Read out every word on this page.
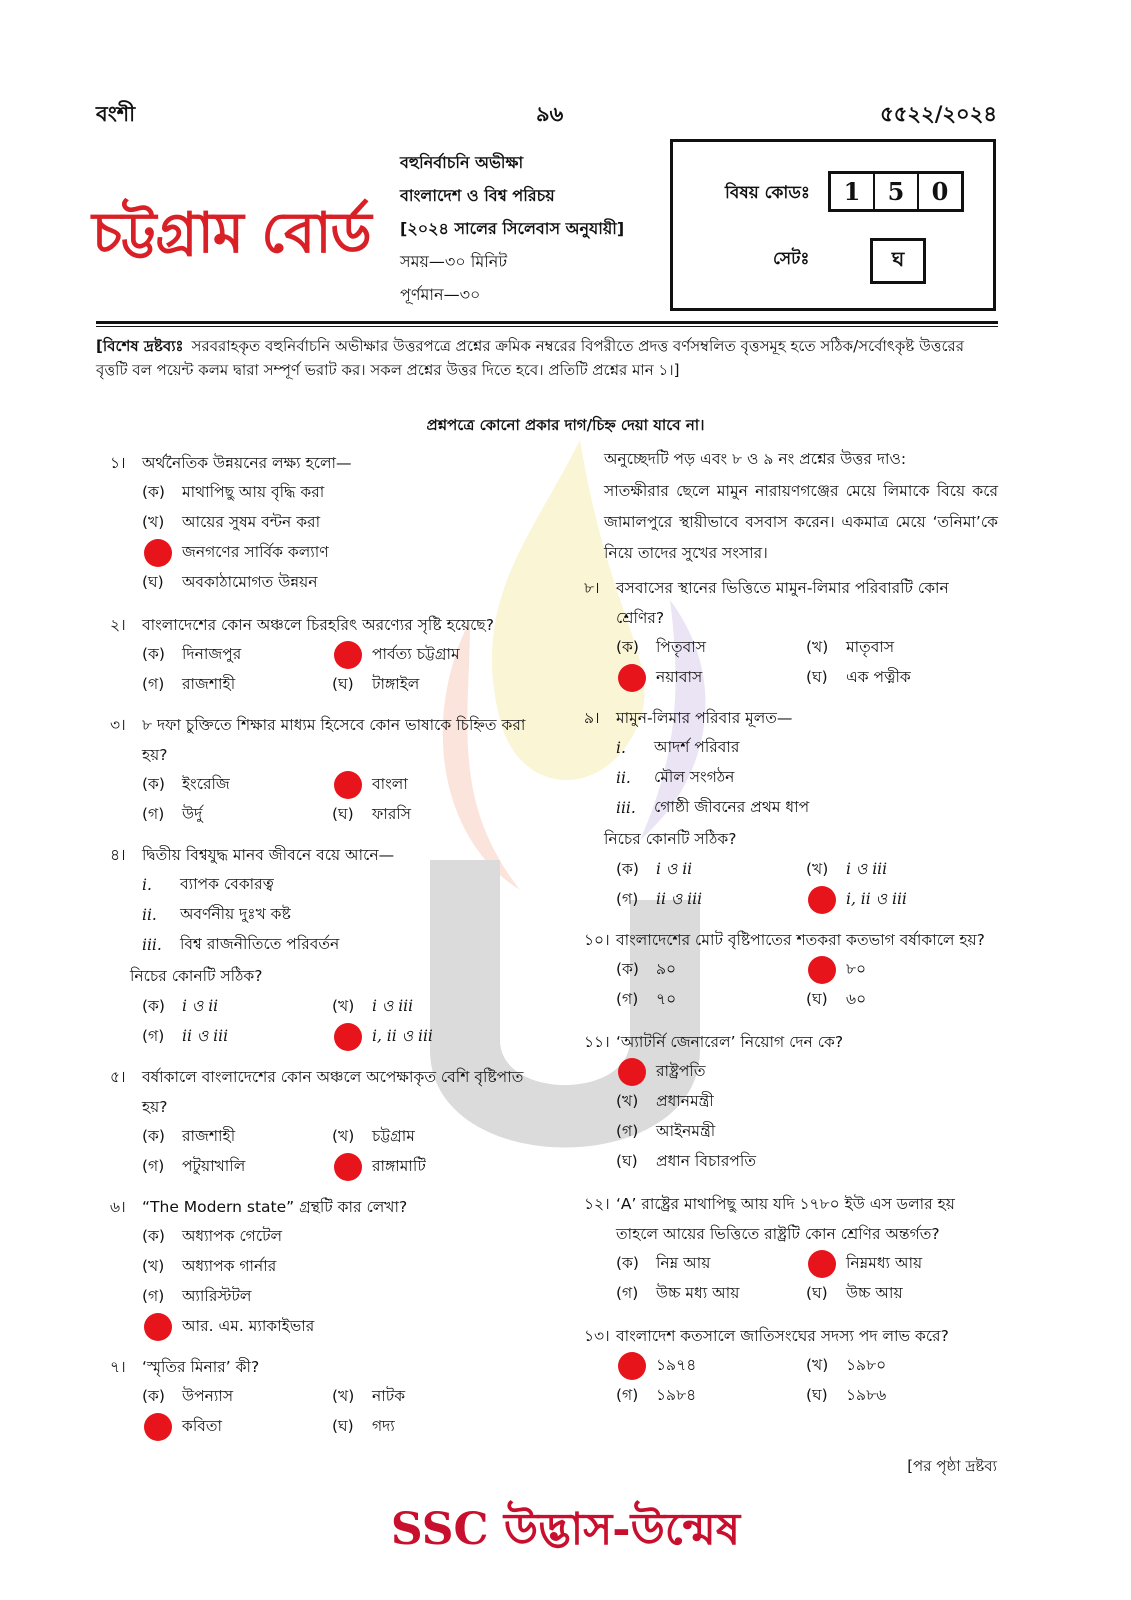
বংশী	৯৬	৫৫২২/২০২৪
চট্টগ্রাম বোর্ড
বহুনির্বাচনি অভীক্ষা
বাংলাদেশ ও বিশ্ব পরিচয়
[২০২৪ সালের সিলেবাস অনুযায়ী]
সময়—৩০ মিনিট
পূর্ণমান—৩০
বিষয় কোডঃ	1	5	0
সেটঃ	ঘ
[বিশেষ দ্রষ্টব্যঃ সরবরাহকৃত বহুনির্বাচনি অভীক্ষার উত্তরপত্রে প্রশ্নের ক্রমিক নম্বরের বিপরীতে প্রদত্ত বর্ণসম্বলিত বৃত্তসমূহ হতে সঠিক/সর্বোৎকৃষ্ট উত্তরের বৃত্তটি বল পয়েন্ট কলম দ্বারা সম্পূর্ণ ভরাট কর। সকল প্রশ্নের উত্তর দিতে হবে। প্রতিটি প্রশ্নের মান ১।]
প্রশ্নপত্রে কোনো প্রকার দাগ/চিহ্ন দেয়া যাবে না।
১।	অর্থনৈতিক উন্নয়নের লক্ষ্য হলো—
(ক)	মাথাপিছু আয় বৃদ্ধি করা
(খ)	আয়ের সুষম বন্টন করা
জনগণের সার্বিক কল্যাণ
(ঘ)	অবকাঠামোগত উন্নয়ন
২।	বাংলাদেশের কোন অঞ্চলে চিরহরিৎ অরণ্যের সৃষ্টি হয়েছে?
(ক)	দিনাজপুর	পার্বত্য চট্টগ্রাম
(গ)	রাজশাহী	(ঘ)	টাঙ্গাইল
৩।	৮ দফা চুক্তিতে শিক্ষার মাধ্যম হিসেবে কোন ভাষাকে চিহ্নিত করা হয়?
(ক)	ইংরেজি	বাংলা
(গ)	উর্দু	(ঘ)	ফারসি
৪।	দ্বিতীয় বিশ্বযুদ্ধ মানব জীবনে বয়ে আনে—
i.	ব্যাপক বেকারত্ব
ii.	অবর্ণনীয় দুঃখ কষ্ট
iii.	বিশ্ব রাজনীতিতে পরিবর্তন
নিচের কোনটি সঠিক?
(ক)	i ও ii	(খ)	i ও iii
(গ)	ii ও iii	i, ii ও iii
৫।	বর্ষাকালে বাংলাদেশের কোন অঞ্চলে অপেক্ষাকৃত বেশি বৃষ্টিপাত হয়?
(ক)	রাজশাহী	(খ)	চট্টগ্রাম
(গ)	পটুয়াখালি	রাঙ্গামাটি
৬।	“The Modern state” গ্রন্থটি কার লেখা?
(ক)	অধ্যাপক গেটেল
(খ)	অধ্যাপক গার্নার
(গ)	অ্যারিস্টটল
আর. এম. ম্যাকাইভার
৭।	‘স্মৃতির মিনার’ কী?
(ক)	উপন্যাস	(খ)	নাটক
কবিতা	(ঘ)	গদ্য
অনুচ্ছেদটি পড় এবং ৮ ও ৯ নং প্রশ্নের উত্তর দাও:
সাতক্ষীরার ছেলে মামুন নারায়ণগঞ্জের মেয়ে লিমাকে বিয়ে করে জামালপুরে স্থায়ীভাবে বসবাস করেন। একমাত্র মেয়ে ‘তনিমা’কে নিয়ে তাদের সুখের সংসার।
৮।	বসবাসের স্থানের ভিত্তিতে মামুন-লিমার পরিবারটি কোন শ্রেণির?
(ক)	পিতৃবাস	(খ)	মাতৃবাস
নয়াবাস	(ঘ)	এক পত্নীক
৯।	মামুন-লিমার পরিবার মূলত—
i.	আদর্শ পরিবার
ii.	মৌল সংগঠন
iii.	গোষ্ঠী জীবনের প্রথম ধাপ
নিচের কোনটি সঠিক?
(ক)	i ও ii	(খ)	i ও iii
(গ)	ii ও iii	i, ii ও iii
১০। বাংলাদেশের মোট বৃষ্টিপাতের শতকরা কতভাগ বর্ষাকালে হয়?
(ক)	৯০	৮০
(গ)	৭০	(ঘ)	৬০
১১। ‘অ্যাটর্নি জেনারেল’ নিয়োগ দেন কে?
রাষ্ট্রপতি
(খ)	প্রধানমন্ত্রী
(গ)	আইনমন্ত্রী
(ঘ)	প্রধান বিচারপতি
১২। ‘A’ রাষ্ট্রের মাথাপিছু আয় যদি ১৭৮০ ইউ এস ডলার হয় তাহলে আয়ের ভিত্তিতে রাষ্ট্রটি কোন শ্রেণির অন্তর্গত?
(ক)	নিম্ন আয়	নিম্নমধ্য আয়
(গ)	উচ্চ মধ্য আয়	(ঘ)	উচ্চ আয়
১৩। বাংলাদেশ কতসালে জাতিসংঘের সদস্য পদ লাভ করে?
১৯৭৪	(খ)	১৯৮০
(গ)	১৯৮৪	(ঘ)	১৯৮৬
[পর পৃষ্ঠা দ্রষ্টব্য
SSC উদ্ভাস-উন্মেষ
